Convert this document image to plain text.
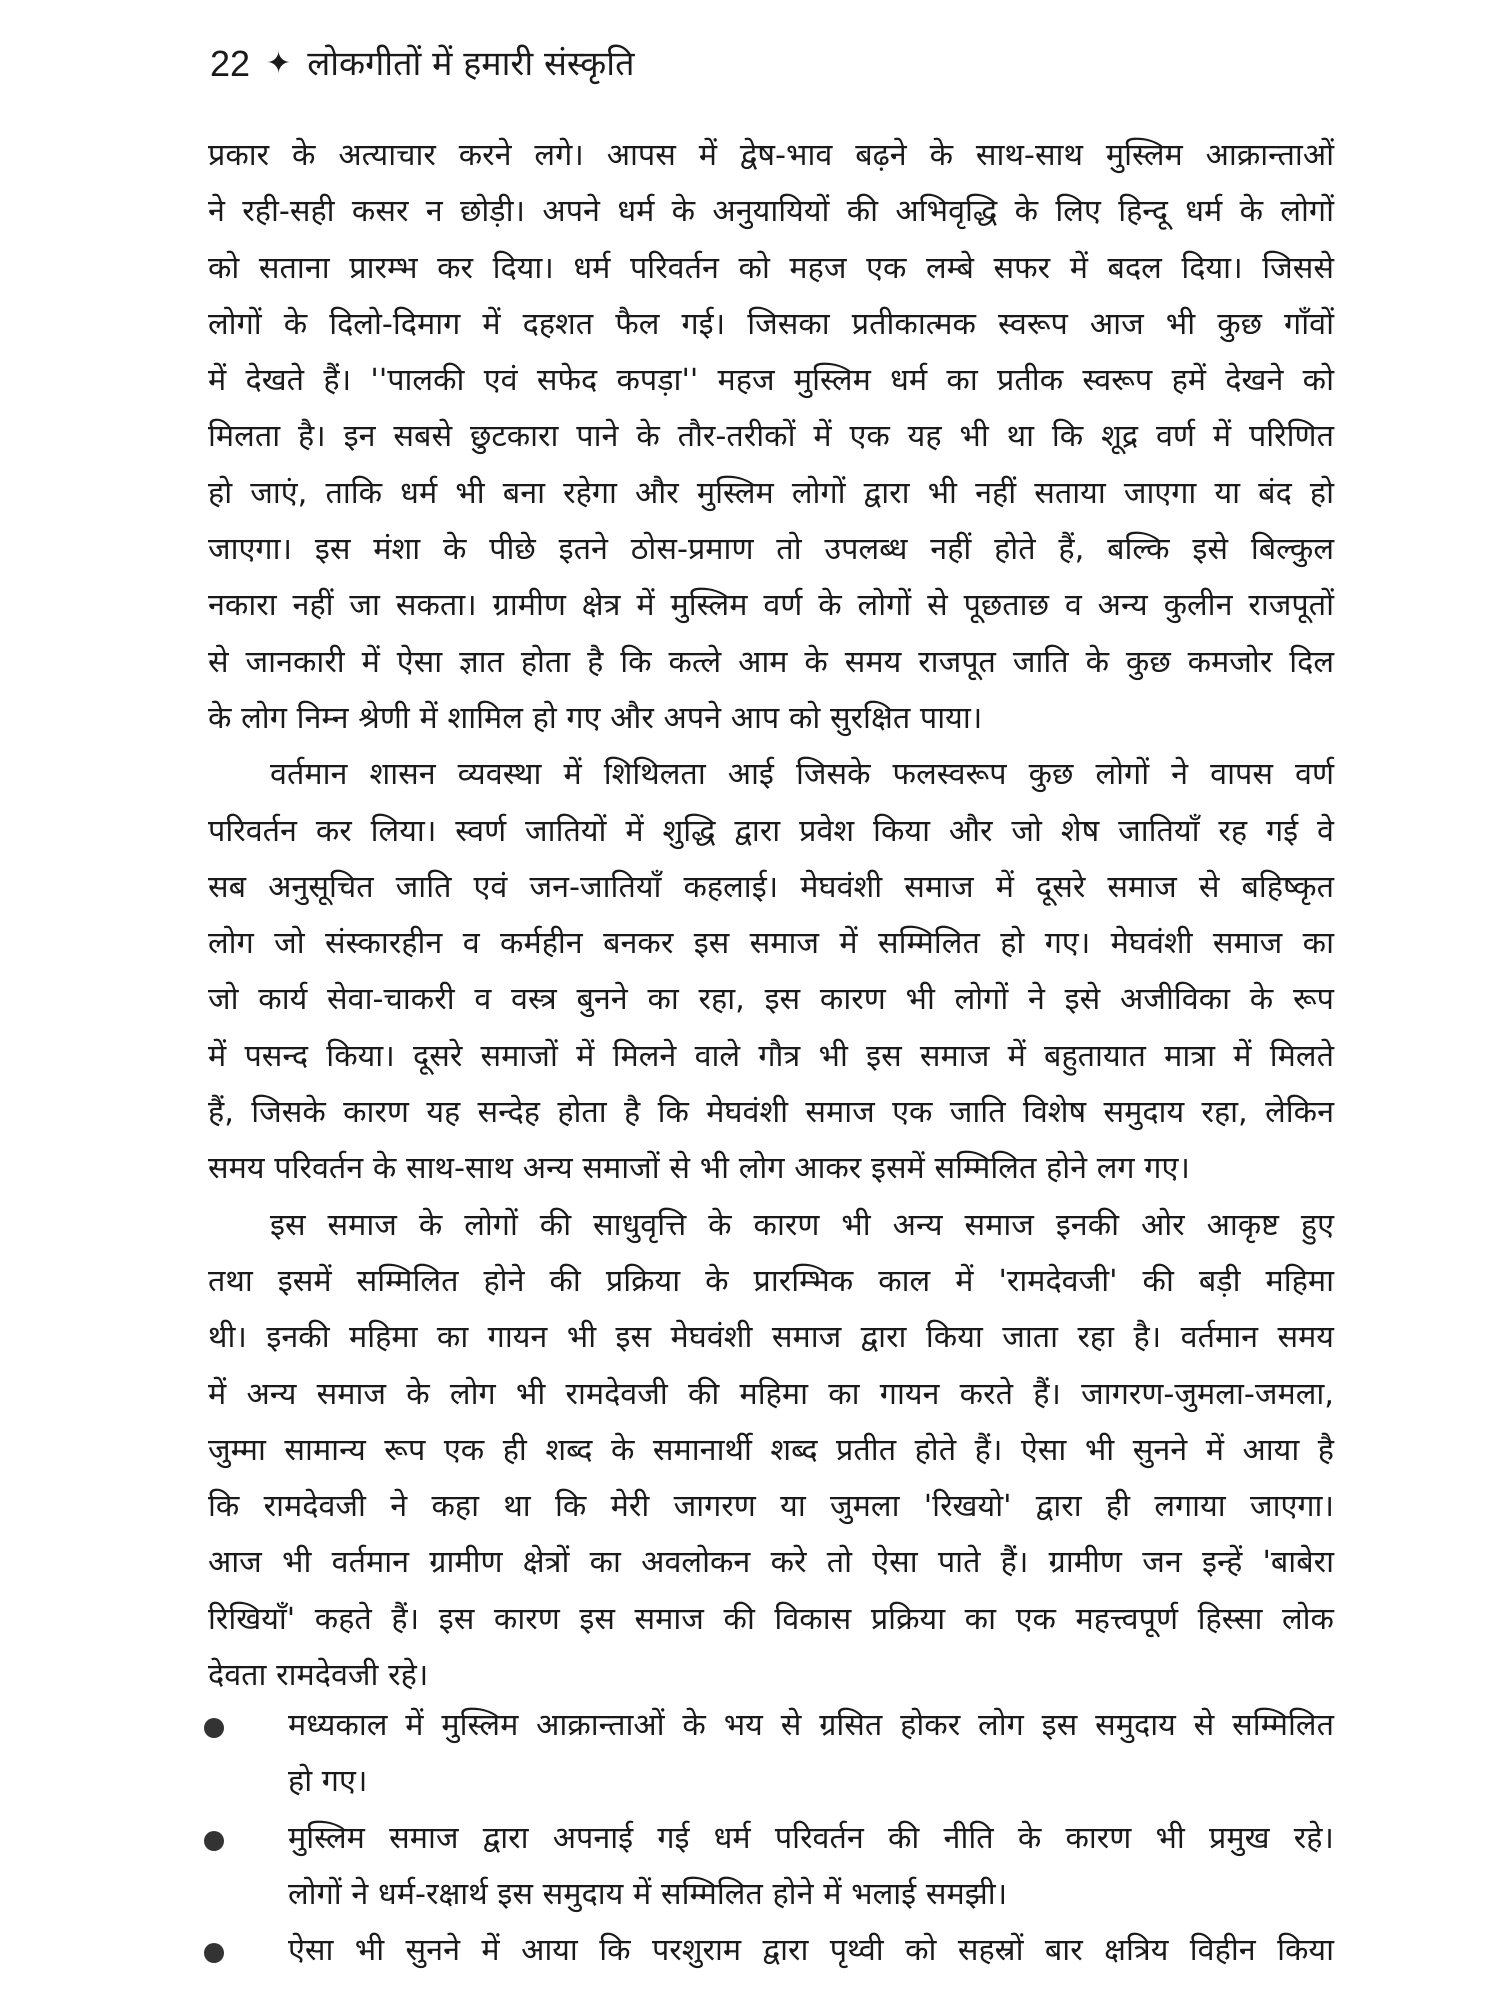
22 ✦ लोकगीतों में हमारी संस्कृति
प्रकार के अत्याचार करने लगे। आपस में द्वेष-भाव बढ़ने के साथ-साथ मुस्लिम आक्रान्ताओं
ने रही-सही कसर न छोड़ी। अपने धर्म के अनुयायियों की अभिवृद्धि के लिए हिन्दू धर्म के लोगों
को सताना प्रारम्भ कर दिया। धर्म परिवर्तन को महज एक लम्बे सफर में बदल दिया। जिससे
लोगों के दिलो-दिमाग में दहशत फैल गई। जिसका प्रतीकात्मक स्वरूप आज भी कुछ गाँवों
में देखते हैं। ''पालकी एवं सफेद कपड़ा'' महज मुस्लिम धर्म का प्रतीक स्वरूप हमें देखने को
मिलता है। इन सबसे छुटकारा पाने के तौर-तरीकों में एक यह भी था कि शूद्र वर्ण में परिणित
हो जाएं, ताकि धर्म भी बना रहेगा और मुस्लिम लोगों द्वारा भी नहीं सताया जाएगा या बंद हो
जाएगा। इस मंशा के पीछे इतने ठोस-प्रमाण तो उपलब्ध नहीं होते हैं, बल्कि इसे बिल्कुल
नकारा नहीं जा सकता। ग्रामीण क्षेत्र में मुस्लिम वर्ण के लोगों से पूछताछ व अन्य कुलीन राजपूतों
से जानकारी में ऐसा ज्ञात होता है कि कत्ले आम के समय राजपूत जाति के कुछ कमजोर दिल
के लोग निम्न श्रेणी में शामिल हो गए और अपने आप को सुरक्षित पाया।
वर्तमान शासन व्यवस्था में शिथिलता आई जिसके फलस्वरूप कुछ लोगों ने वापस वर्ण
परिवर्तन कर लिया। स्वर्ण जातियों में शुद्धि द्वारा प्रवेश किया और जो शेष जातियाँ रह गई वे
सब अनुसूचित जाति एवं जन-जातियाँ कहलाई। मेघवंशी समाज में दूसरे समाज से बहिष्कृत
लोग जो संस्कारहीन व कर्महीन बनकर इस समाज में सम्मिलित हो गए। मेघवंशी समाज का
जो कार्य सेवा-चाकरी व वस्त्र बुनने का रहा, इस कारण भी लोगों ने इसे अजीविका के रूप
में पसन्द किया। दूसरे समाजों में मिलने वाले गौत्र भी इस समाज में बहुतायात मात्रा में मिलते
हैं, जिसके कारण यह सन्देह होता है कि मेघवंशी समाज एक जाति विशेष समुदाय रहा, लेकिन
समय परिवर्तन के साथ-साथ अन्य समाजों से भी लोग आकर इसमें सम्मिलित होने लग गए।
इस समाज के लोगों की साधुवृत्ति के कारण भी अन्य समाज इनकी ओर आकृष्ट हुए
तथा इसमें सम्मिलित होने की प्रक्रिया के प्रारम्भिक काल में 'रामदेवजी' की बड़ी महिमा
थी। इनकी महिमा का गायन भी इस मेघवंशी समाज द्वारा किया जाता रहा है। वर्तमान समय
में अन्य समाज के लोग भी रामदेवजी की महिमा का गायन करते हैं। जागरण-जुमला-जमला,
जुम्मा सामान्य रूप एक ही शब्द के समानार्थी शब्द प्रतीत होते हैं। ऐसा भी सुनने में आया है
कि रामदेवजी ने कहा था कि मेरी जागरण या जुमला 'रिखयो' द्वारा ही लगाया जाएगा।
आज भी वर्तमान ग्रामीण क्षेत्रों का अवलोकन करे तो ऐसा पाते हैं। ग्रामीण जन इन्हें 'बाबेरा
रिखियाँ' कहते हैं। इस कारण इस समाज की विकास प्रक्रिया का एक महत्त्वपूर्ण हिस्सा लोक
देवता रामदेवजी रहे।
मध्यकाल में मुस्लिम आक्रान्ताओं के भय से ग्रसित होकर लोग इस समुदाय से सम्मिलित
हो गए।
मुस्लिम समाज द्वारा अपनाई गई धर्म परिवर्तन की नीति के कारण भी प्रमुख रहे।
लोगों ने धर्म-रक्षार्थ इस समुदाय में सम्मिलित होने में भलाई समझी।
ऐसा भी सुनने में आया कि परशुराम द्वारा पृथ्वी को सहस्रों बार क्षत्रिय विहीन किया
